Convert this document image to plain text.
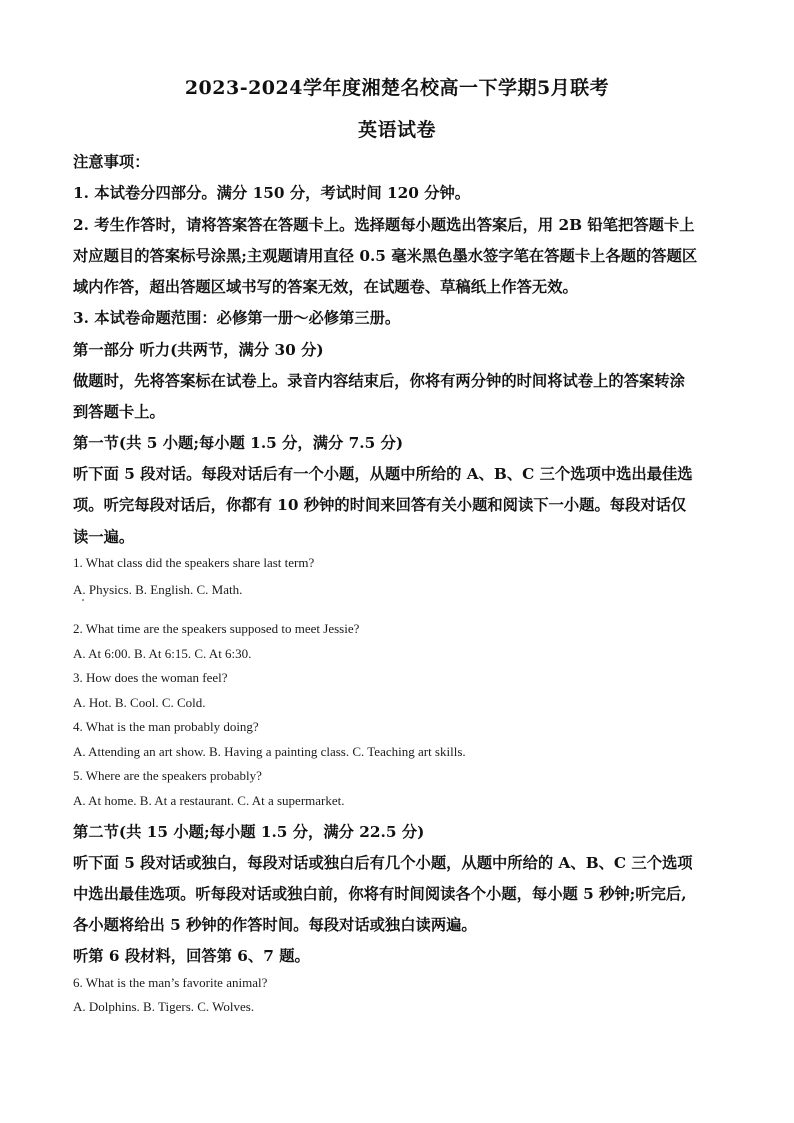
2023-2024学年度湘楚名校高一下学期5月联考
英语试卷
注意事项：
1. 本试卷分四部分。满分 150 分，考试时间 120 分钟。
2. 考生作答时，请将答案答在答题卡上。选择题每小题选出答案后，用 2B 铅笔把答题卡上
对应题目的答案标号涂黑;主观题请用直径 0.5 毫米黑色墨水签字笔在答题卡上各题的答题区
域内作答，超出答题区域书写的答案无效，在试题卷、草稿纸上作答无效。
3. 本试卷命题范围：必修第一册～必修第三册。
第一部分 听力(共两节，满分 30 分)
做题时，先将答案标在试卷上。录音内容结束后，你将有两分钟的时间将试卷上的答案转涂
到答题卡上。
第一节(共 5 小题;每小题 1.5 分，满分 7.5 分)
听下面 5 段对话。每段对话后有一个小题，从题中所给的 A、B、C 三个选项中选出最佳选
项。听完每段对话后，你都有 10 秒钟的时间来回答有关小题和阅读下一小题。每段对话仅
读一遍。
1. What class did the speakers share last term?
A. Physics. B. English. C. Math.
2. What time are the speakers supposed to meet Jessie?
A. At 6:00. B. At 6:15. C. At 6:30.
3. How does the woman feel?
A. Hot. B. Cool. C. Cold.
4. What is the man probably doing?
A. Attending an art show. B. Having a painting class. C. Teaching art skills.
5. Where are the speakers probably?
A. At home. B. At a restaurant. C. At a supermarket.
第二节(共 15 小题;每小题 1.5 分，满分 22.5 分)
听下面 5 段对话或独白，每段对话或独白后有几个小题，从题中所给的 A、B、C 三个选项
中选出最佳选项。听每段对话或独白前，你将有时间阅读各个小题，每小题 5 秒钟;听完后,
各小题将给出 5 秒钟的作答时间。每段对话或独白读两遍。
听第 6 段材料，回答第 6、7 题。
6. What is the man’s favorite animal?
A. Dolphins. B. Tigers. C. Wolves.
